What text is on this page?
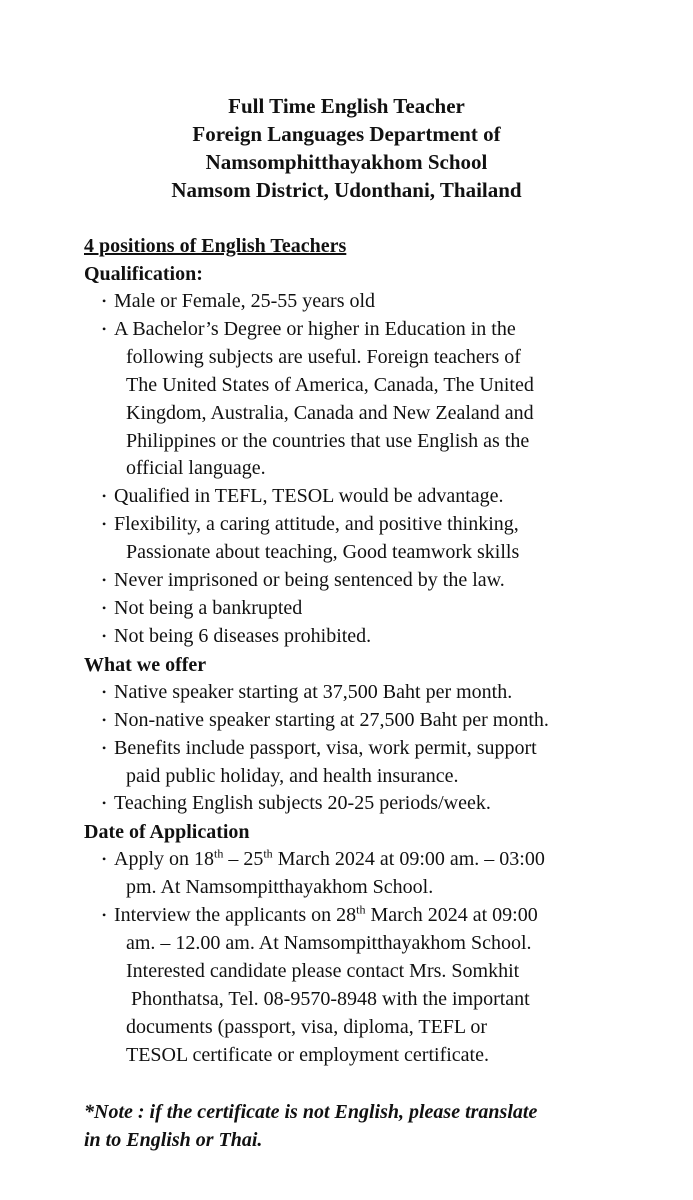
Full Time English Teacher
Foreign Languages Department of
Namsomphitthayakhom School
Namsom District, Udonthani, Thailand
4 positions of English Teachers
Qualification:
• Male or Female, 25-55 years old
• A Bachelor’s Degree or higher in Education in the
following subjects are useful. Foreign teachers of
The United States of America, Canada, The United
Kingdom, Australia, Canada and New Zealand and
Philippines or the countries that use English as the
official language.
• Qualified in TEFL, TESOL would be advantage.
• Flexibility, a caring attitude, and positive thinking,
Passionate about teaching, Good teamwork skills
• Never imprisoned or being sentenced by the law.
• Not being a bankrupted
• Not being 6 diseases prohibited.
What we offer
• Native speaker starting at 37,500 Baht per month.
• Non-native speaker starting at 27,500 Baht per month.
• Benefits include passport, visa, work permit, support
paid public holiday, and health insurance.
• Teaching English subjects 20-25 periods/week.
Date of Application
• Apply on 18th – 25th March 2024 at 09:00 am. – 03:00
pm. At Namsompitthayakhom School.
• Interview the applicants on 28th March 2024 at 09:00
am. – 12.00 am. At Namsompitthayakhom School.
Interested candidate please contact Mrs. Somkhit
Phonthatsa, Tel. 08-9570-8948 with the important
documents (passport, visa, diploma, TEFL or
TESOL certificate or employment certificate.
*Note : if the certificate is not English, please translate
in to English or Thai.
